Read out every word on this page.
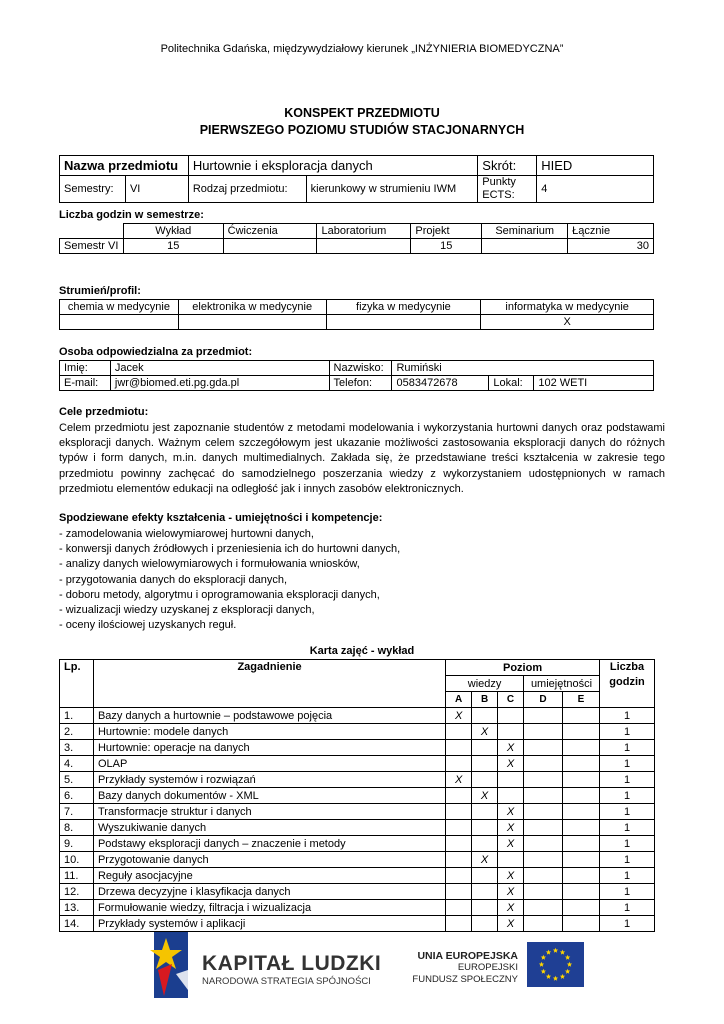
Politechnika Gdańska, międzywydziałowy kierunek „INŻYNIERIA BIOMEDYCZNA”
KONSPEKT PRZEDMIOTU
PIERWSZEGO POZIOMU STUDIÓW STACJONARNYCH
Nazwa przedmiotu		Hurtownie i eksploracja danych		Skrót:	HIED
Semestry:	VI	Rodzaj przedmiotu:	kierunkowy w strumieniu IWM	Punkty ECTS:	4
Liczba godzin w semestrze:
	Wykład	Ćwiczenia	Laboratorium	Projekt	Seminarium	Łącznie
Semestr VI	15			15		30
Strumień/profil:
chemia w medycynie	elektronika w medycynie	fizyka w medycynie	informatyka w medycynie
			X
Osoba odpowiedzialna za przedmiot:
Imię:	Jacek	Nazwisko:	Rumiński		
E-mail:	jwr@biomed.eti.pg.gda.pl	Telefon:	0583472678	Lokal:	102 WETI
Cele przedmiotu:
Celem przedmiotu jest zapoznanie studentów z metodami modelowania i wykorzystania hurtowni danych oraz podstawami eksploracji danych. Ważnym celem szczegółowym jest ukazanie możliwości zastosowania eksploracji danych do różnych typów i form danych, m.in. danych multimedialnych. Zakłada się, że przedstawiane treści kształcenia w zakresie tego przedmiotu powinny zachęcać do samodzielnego poszerzania wiedzy z wykorzystaniem udostępnionych w ramach przedmiotu elementów edukacji na odległość jak i innych zasobów elektronicznych.
Spodziewane efekty kształcenia - umiejętności i kompetencje:
- zamodelowania wielowymiarowej hurtowni danych,
- konwersji danych źródłowych i przeniesienia ich do hurtowni danych,
- analizy danych wielowymiarowych i formułowania wniosków,
- przygotowania danych do eksploracji danych,
- doboru metody, algorytmu i oprogramowania eksploracji danych,
- wizualizacji wiedzy uzyskanej z eksploracji danych,
- oceny ilościowej uzyskanych reguł.
Karta zajęć - wykład
Lp.	Zagadnienie	Poziom					Liczba godzin
		wiedzy			umiejętności		
		A	B	C	D	E	
1.	Bazy danych a hurtownie – podstawowe pojęcia	X					1
2.	Hurtownie: modele danych		X				1
3.	Hurtownie: operacje na danych			X			1
4.	OLAP			X			1
5.	Przykłady systemów i rozwiązań	X					1
6.	Bazy danych dokumentów - XML		X				1
7.	Transformacje struktur i danych			X			1
8.	Wyszukiwanie danych			X			1
9.	Podstawy eksploracji danych – znaczenie i metody			X			1
10.	Przygotowanie danych		X				1
11.	Reguły asocjacyjne			X			1
12.	Drzewa decyzyjne i klasyfikacja danych			X			1
13.	Formułowanie wiedzy, filtracja i wizualizacja			X			1
14.	Przykłady systemów i aplikacji			X			1
KAPITAŁ LUDZKI
NARODOWA STRATEGIA SPÓJNOŚCI
UNIA EUROPEJSKA
EUROPEJSKI
FUNDUSZ SPOŁECZNY
